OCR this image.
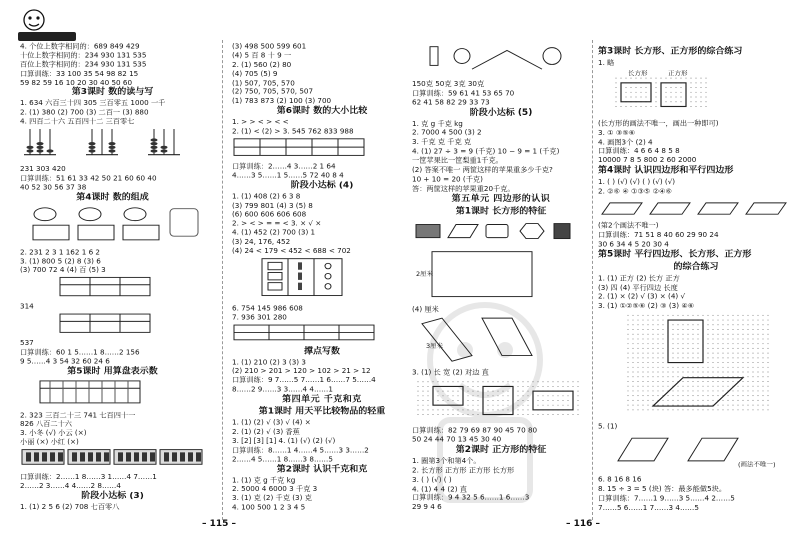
4. 个位上数字相同的：689 849 429
十位上数字相同的：234 930 131 535
百位上数字相同的：234 930 131 535
口算训练：33 100 35 54 98 82 15
59 82 59 16 10 20 30 40 50 60
第3课时 数的读与写
1. 634 六百三十四 305 三百零五 1000 一千
2. (1) 380 (2) 700 (3) 二百一 (3) 880
4. 四百二十六 五百四十二 三百零七
231 303 420
口算训练：51 61 33 42 50 21 60 60 40
40 52 30 56 37 38
第4课时 数的组成
2. 231 2 3 1 162 1 6 2
3. (1) 800 5 (2) 8 (3) 6
(3) 700 72 4 (4) 百 (5) 3
314
537
口算训练：60 1 5……1 8……2 156
9 5……4 3 54 32 60 24 6
第5课时 用算盘表示数
2. 323 三百二十三 741 七百四十一
826 八百二十六
3. 小冬 (√) 小云 (×)
小丽 (×) 小红 (×)
口算训练：2……1 8……3 1……4 7……1
2……2 3……4 4……2 8……4
阶段小达标 (3)
1. (1) 2 5 6 (2) 708 七百零八
(3) 498 500 599 601
(4) 5 百 8 十 9 一
2. (1) 560 (2) 80
(4) 705 (5) 9
(1) 507, 705, 570
(2) 750, 705, 570, 507
(1) 783 873 (2) 100 (3) 700
第6课时 数的大小比较
1. > > < > < <
2. (1) < (2) > 3. 545 762 833 988
口算训练：2……4 3……2 1 64
4……3 5……1 5……5 72 40 8 4
阶段小达标 (4)
1. (1) 408 (2) 6 3 8
(3) 799 801 (4) 3 (5) 8
(6) 600 606 606 608
2. > < > = = < 3. × √ ×
4. (1) 452 (2) 700 (3) 1
(3) 24, 176, 452
(4) 24 < 179 < 452 < 688 < 702
6. 754 145 986 608
7. 936 301 280
撑点写数
1. (1) 210 (2) 3 (3) 3
(2) 210 > 201 > 120 > 102 > 21 > 12
口算训练：9 7……5 7……1 6……7 5……4
8……2 9……3 3……4 4……1
第四单元 千克和克
第1课时 用天平比较物品的轻重
1. (1) (2) √ (3) √ (4) ×
2. (1) (2) √ (3) 香蕉
3. [2] [3] [1] 4. (1) (√) (2) (√)
口算训练：8……1 4……4 5……3 3……2
2……4 5……1 8……3 8……5
第2课时 认识千克和克
1. (1) 克 g 千克 kg
2. 5000 4 6000 3 千克 3
3. (1) 克 (2) 千克 (3) 克
4. 100 500 1 2 3 4 5
– 115 –
150克 50克 3克 30克
口算训练：59 61 41 53 65 70
62 41 58 82 29 33 73
阶段小达标 (5)
1. 克 g 千克 kg
2. 7000 4 500 (3) 2
3. 千克 克 千克 克
4. (1) 27 ÷ 3 = 9 (千克) 10 − 9 = 1 (千克)
一筐苹果比一筐梨重1千克。
(2) 答案不唯一 两筐这样的苹果重多少千克?
10 + 10 = 20 (千克)
答：两筐这样的苹果重20千克。
第五单元 四边形的认识
第1课时 长方形的特征
2厘米
(4) 厘米
3厘米
3. (1) 长 宽 (2) 对边 直
口算训练：82 79 69 87 90 45 70 80
50 24 44 70 13 45 30 40
第2课时 正方形的特征
1. 圈第3个和第4个。
2. 长方形 正方形 正方形 长方形
3. ( ) (√) ( )
4. (1) 4 4 (2) 直
口算训练：9 4 32 5 6……1 6……3
29 9 4 6
第3课时 长方形、正方形的综合练习
1. 略
长方形	正方形
(长方形的画法不唯一，画出一种即可)
3. ① ③⑤⑥
4. 画图3个 (2) 4
口算训练：4 6 6 4 8 5 8
10000 7 8 5 800 2 60 2000
第4课时 认识四边形和平行四边形
1. ( ) (√) (√) ( ) (√) (√)
2. ②⑥ ④ ①③⑤ ②④⑥
(第2个画法不唯一)
口算训练：71 51 8 40 60 29 90 24
30 6 34 4 5 20 30 4
第5课时 平行四边形、长方形、正方形
的综合练习
1. (1) 正方 (2) 长方 正方
(3) 四 (4) 平行四边 长度
2. (1) × (2) √ (3) × (4) √
3. (1) ①②⑤⑥ (2) ③ (3) ④⑥
5. (1)
(画法不唯一)
6. 8 16 8 16
8. 15 ÷ 3 = 5 (块) 答：最多能做5块。
口算训练：7……1 9……3 5……4 2……5
7……5 6……1 7……3 4……5
– 116 –
